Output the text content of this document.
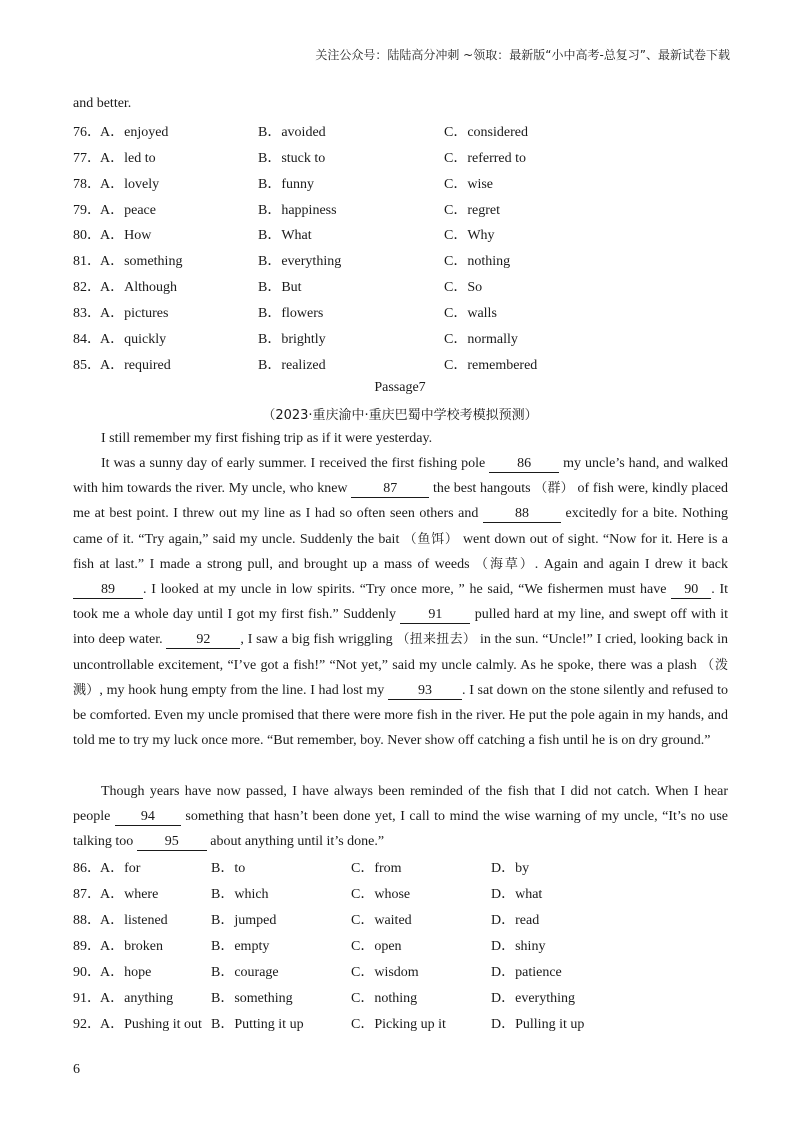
关注公众号：陆陆高分冲刺 ~领取：最新版“小中高考-总复习”、最新试卷下载
and better.
76． A．enjoyed	B．avoided	C．considered
77． A．led to	B．stuck to	C．referred to
78． A．lovely	B．funny	C．wise
79． A．peace	B．happiness	C．regret
80． A．How	B．What	C．Why
81． A．something	B．everything	C．nothing
82． A．Although	B．But	C．So
83． A．pictures	B．flowers	C．walls
84． A．quickly	B．brightly	C．normally
85． A．required	B．realized	C．remembered
Passage7
（2023·重庆渝中·重庆巴蜀中学校考模拟预测）
I still remember my first fishing trip as if it were yesterday.
It was a sunny day of early summer. I received the first fishing pole 86 my uncle’s hand, and walked with him towards the river. My uncle, who knew	87	the best hangouts （群） of fish were, kindly placed me at best point. I threw out my line as I had so often seen others and	88	excitedly for a bite. Nothing came of it. “Try again,” said my uncle. Suddenly the bait （鱼饵） went down out of sight. “Now for it. Here is a fish at last.” I made a strong pull, and brought up a mass of weeds （海草）. Again and again I drew it back 89 . I looked at my uncle in low spirits. “Try once more, ” he said, “We fishermen must have 90 . It took me a whole day until I got my first fish.” Suddenly 91 pulled hard at my line, and swept off with it into deep water. 92 , I saw a big fish wriggling （扭来扭去） in the sun. “Uncle!” I cried, looking back in uncontrollable excitement, “I’ve got a fish!” “Not yet,” said my uncle calmly. As he spoke, there was a plash （泼溅）, my hook hung empty from the line. I had lost my 93 . I sat down on the stone silently and refused to be comforted. Even my uncle promised that there were more fish in the river. He put the pole again in my hands, and told me to try my luck once more. “But remember, boy. Never show off catching a fish until he is on dry ground.”
Though years have now passed, I have always been reminded of the fish that I did not catch. When I hear people 94 something that hasn’t been done yet, I call to mind the wise warning of my uncle, “It’s no use talking too 95 about anything until it’s done.”
86． A．for	B．to	C．from	D．by
87． A．where	B．which	C．whose	D．what
88． A．listened	B．jumped	C．waited	D．read
89． A．broken	B．empty	C．open	D．shiny
90． A．hope	B．courage	C．wisdom	D．patience
91． A．anything	B．something	C．nothing	D．everything
92． A．Pushing it out B．Putting it up	C．Picking up it	D．Pulling it up
6
